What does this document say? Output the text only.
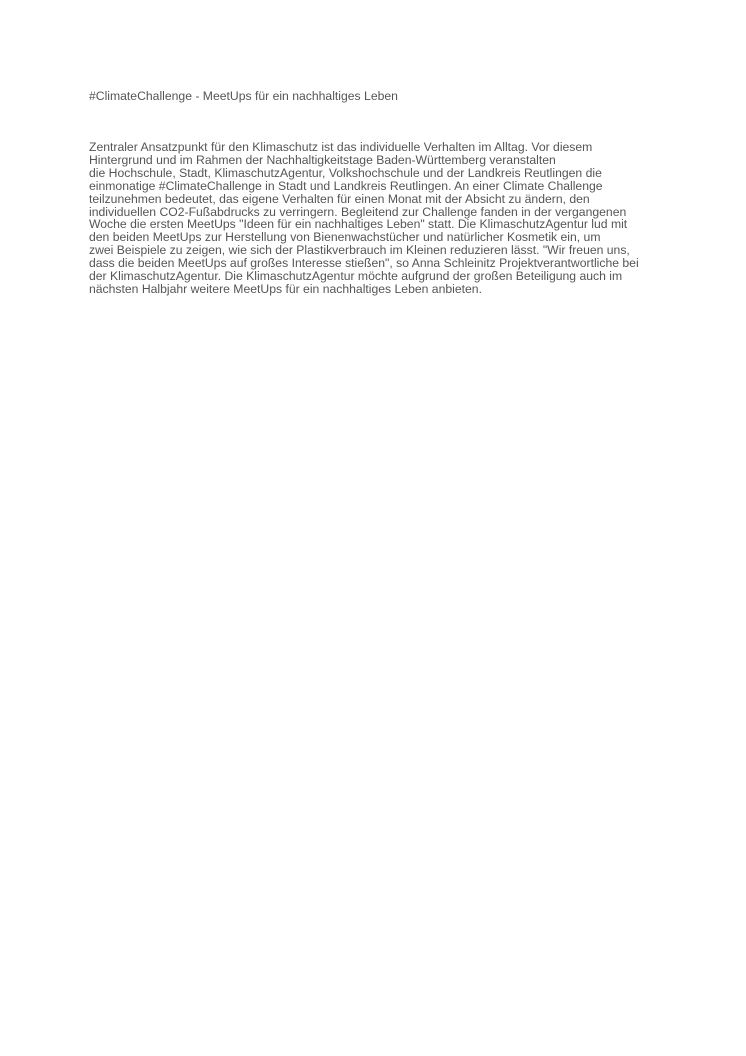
#ClimateChallenge - MeetUps für ein nachhaltiges Leben
Zentraler Ansatzpunkt für den Klimaschutz ist das individuelle Verhalten im Alltag. Vor diesem
Hintergrund und im Rahmen der Nachhaltigkeitstage Baden-Württemberg veranstalten
die Hochschule, Stadt, KlimaschutzAgentur, Volkshochschule und der Landkreis Reutlingen die
einmonatige #ClimateChallenge in Stadt und Landkreis Reutlingen. An einer Climate Challenge
teilzunehmen bedeutet, das eigene Verhalten für einen Monat mit der Absicht zu ändern, den
individuellen CO2-Fußabdrucks zu verringern. Begleitend zur Challenge fanden in der vergangenen
Woche die ersten MeetUps "Ideen für ein nachhaltiges Leben" statt. Die KlimaschutzAgentur lud mit
den beiden MeetUps zur Herstellung von Bienenwachstücher und natürlicher Kosmetik ein, um
zwei Beispiele zu zeigen, wie sich der Plastikverbrauch im Kleinen reduzieren lässt. "Wir freuen uns,
dass die beiden MeetUps auf großes Interesse stießen", so Anna Schleinitz Projektverantwortliche bei
der KlimaschutzAgentur. Die KlimaschutzAgentur möchte aufgrund der großen Beteiligung auch im
nächsten Halbjahr weitere MeetUps für ein nachhaltiges Leben anbieten.
